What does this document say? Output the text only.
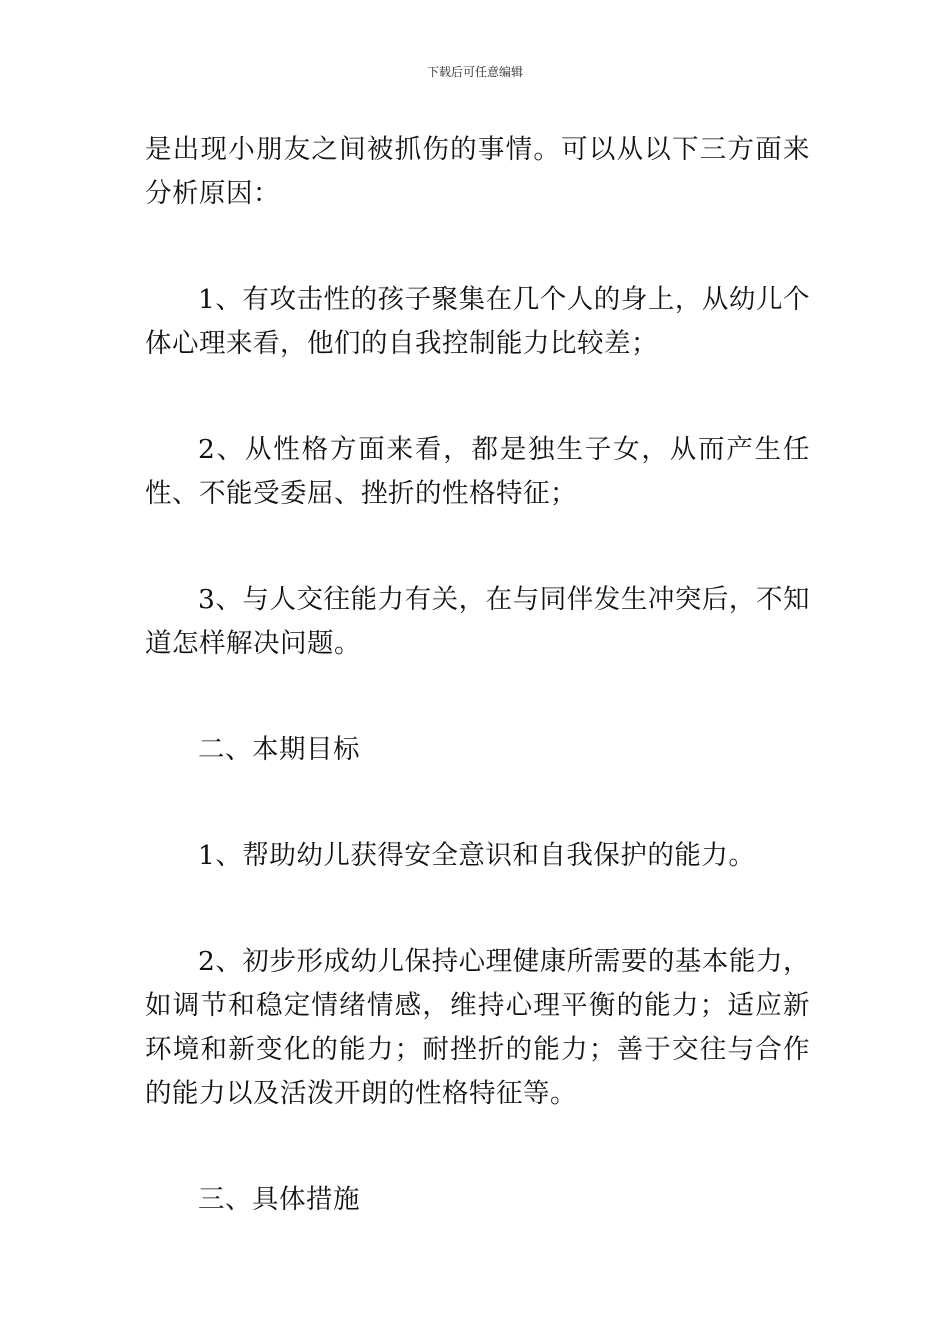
下载后可任意编辑

是出现小朋友之间被抓伤的事情。可以从以下三方面来分析原因：

1、有攻击性的孩子聚集在几个人的身上，从幼儿个体心理来看，他们的自我控制能力比较差；

2、从性格方面来看，都是独生子女，从而产生任性、不能受委屈、挫折的性格特征；

3、与人交往能力有关，在与同伴发生冲突后，不知道怎样解决问题。

二、本期目标

1、帮助幼儿获得安全意识和自我保护的能力。

2、初步形成幼儿保持心理健康所需要的基本能力，如调节和稳定情绪情感，维持心理平衡的能力；适应新环境和新变化的能力；耐挫折的能力；善于交往与合作的能力以及活泼开朗的性格特征等。

三、具体措施
